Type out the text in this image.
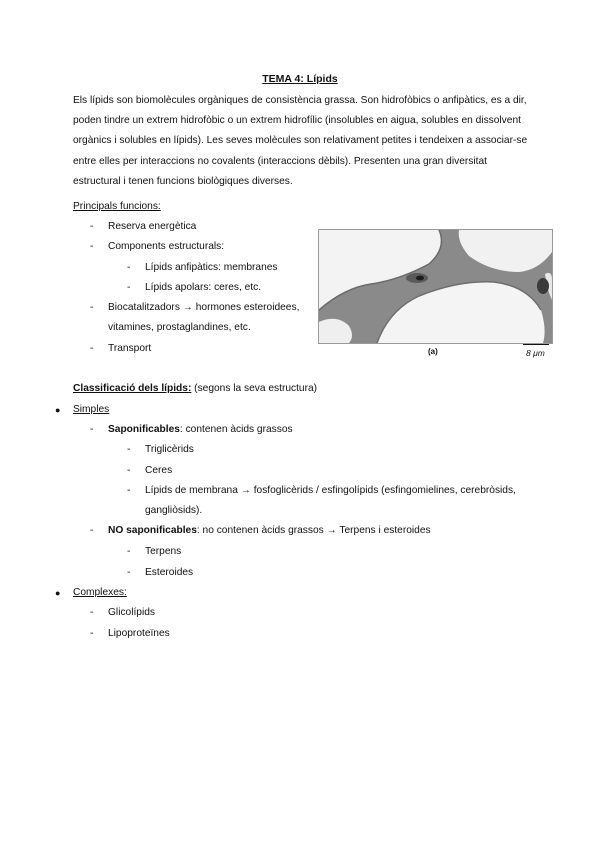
TEMA 4: Lípids

Els lípids son biomolècules orgàniques de consistència grassa. Son hidrofòbics o anfipàtics, es a dir,

poden tindre un extrem hidrofòbic o un extrem hidrofílic (insolubles en aigua, solubles en dissolvent

orgànics i solubles en lípids). Les seves molècules son relativament petites i tendeixen a associar-se

entre elles per interaccions no covalents (interaccions dèbils). Presenten una gran diversitat

estructural i tenen funcions biològiques diverses.

Principals funcions:
- Reserva energètica
- Components estructurals:
- Lípids anfipàtics: membranes
- Lípids apolars: ceres, etc.
- Biocatalitzadors → hormones esteroidees,
vitamines, prostaglandines, etc.
- Transport	(a)	8 μm
Classificació dels lípids: (segons la seva estructura)
● Simples
- Saponificables: contenen àcids grassos
- Triglicèrids
- Ceres
- Lípids de membrana → fosfoglicèrids / esfingolípids (esfingomielines, cerebròsids,
gangliòsids).
- NO saponificables: no contenen àcids grassos → Terpens i esteroides
- Terpens
- Esteroides
● Complexes:
- Glicolípids
- Lipoproteïnes
